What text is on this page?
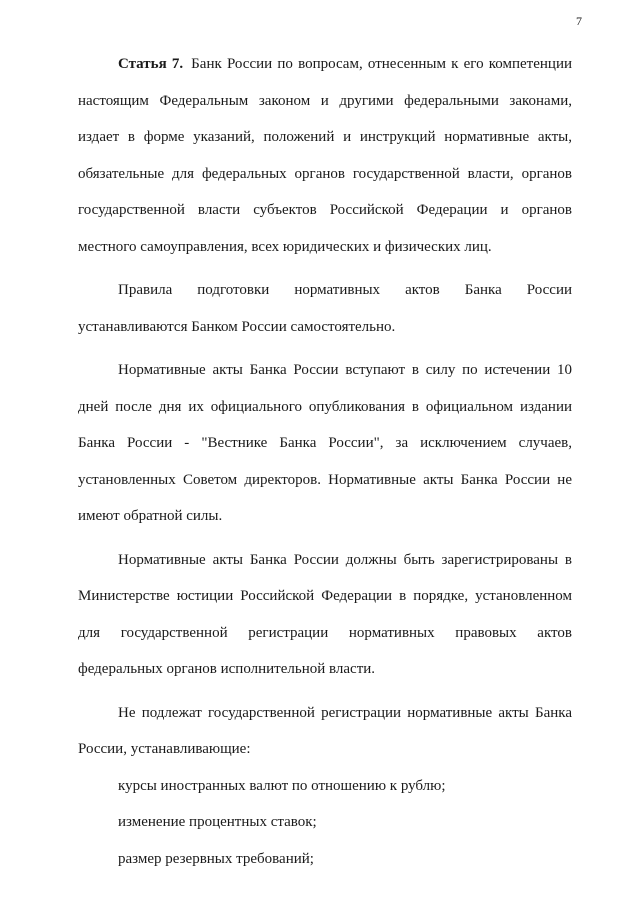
7

Статья 7. Банк России по вопросам, отнесенным к его компетенции настоящим Федеральным законом и другими федеральными законами, издает в форме указаний, положений и инструкций нормативные акты, обязательные для федеральных органов государственной власти, органов государственной власти субъектов Российской Федерации и органов местного самоуправления, всех юридических и физических лиц.

Правила подготовки нормативных актов Банка России устанавливаются Банком России самостоятельно.

Нормативные акты Банка России вступают в силу по истечении 10 дней после дня их официального опубликования в официальном издании Банка России - "Вестнике Банка России", за исключением случаев, установленных Советом директоров. Нормативные акты Банка России не имеют обратной силы.

Нормативные акты Банка России должны быть зарегистрированы в Министерстве юстиции Российской Федерации в порядке, установленном для государственной регистрации нормативных правовых актов федеральных органов исполнительной власти.

Не подлежат государственной регистрации нормативные акты Банка России, устанавливающие:

курсы иностранных валют по отношению к рублю;

изменение процентных ставок;

размер резервных требований;
